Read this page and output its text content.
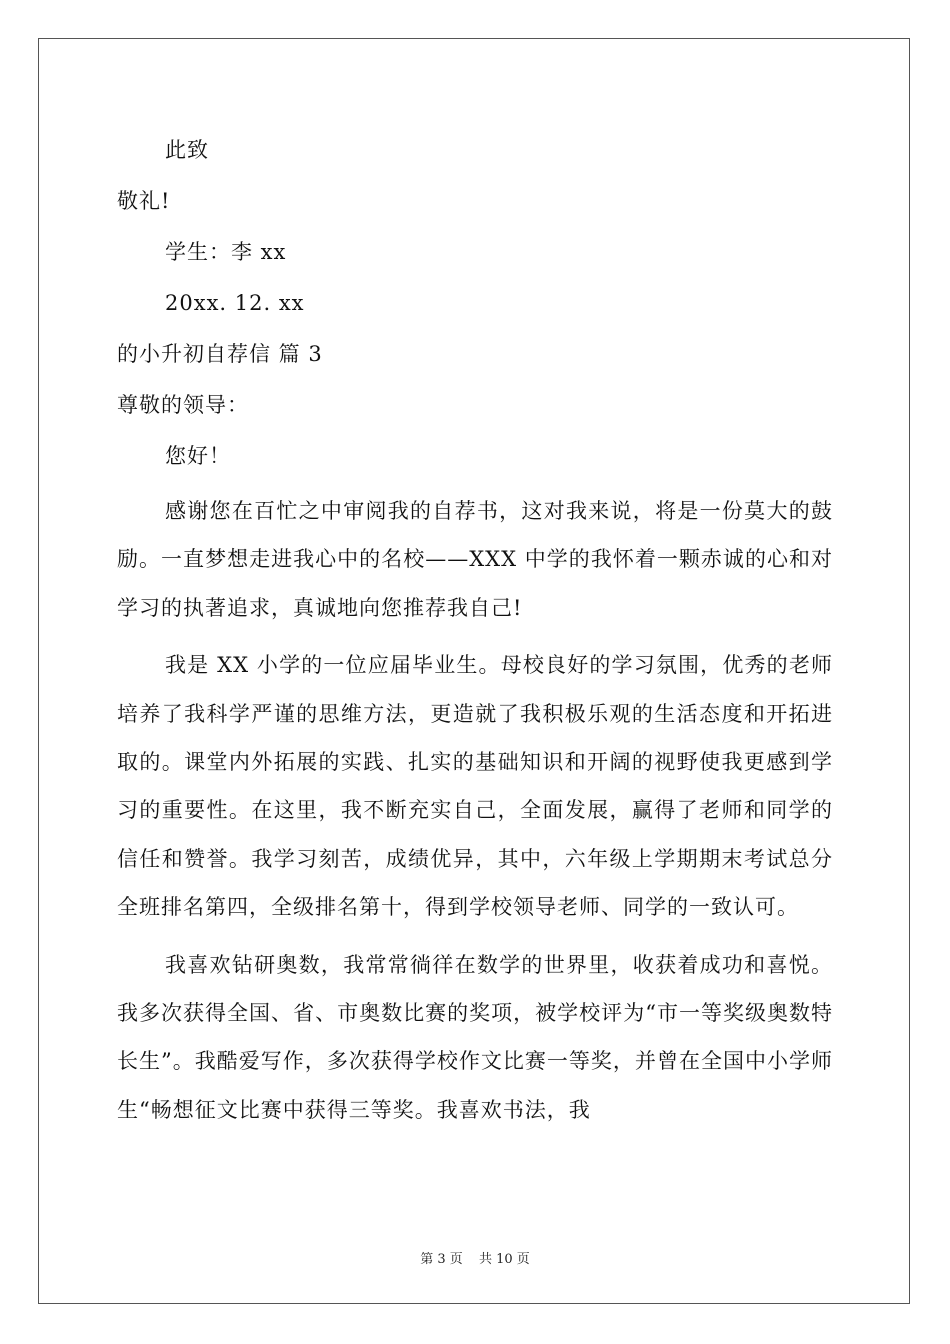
此致
敬礼!
学生：李 xx
20xx. 12. xx
的小升初自荐信 篇 3
尊敬的领导：
您好！

感谢您在百忙之中审阅我的自荐书，这对我来说，将是一份莫大的鼓励。一直梦想走进我心中的名校——XXX 中学的我怀着一颗赤诚的心和对学习的执著追求，真诚地向您推荐我自己!

我是 XX 小学的一位应届毕业生。母校良好的学习氛围，优秀的老师培养了我科学严谨的思维方法，更造就了我积极乐观的生活态度和开拓进取的。课堂内外拓展的实践、扎实的基础知识和开阔的视野使我更感到学习的重要性。在这里，我不断充实自己，全面发展，赢得了老师和同学的信任和赞誉。我学习刻苦，成绩优异，其中，六年级上学期期末考试总分全班排名第四，全级排名第十，得到学校领导老师、同学的一致认可。

我喜欢钻研奥数，我常常徜徉在数学的世界里，收获着成功和喜悦。我多次获得全国、省、市奥数比赛的奖项，被学校评为“市一等奖级奥数特长生”。我酷爱写作，多次获得学校作文比赛一等奖，并曾在全国中小学师生“畅想征文比赛中获得三等奖。我喜欢书法，我

第 3 页 共 10 页
